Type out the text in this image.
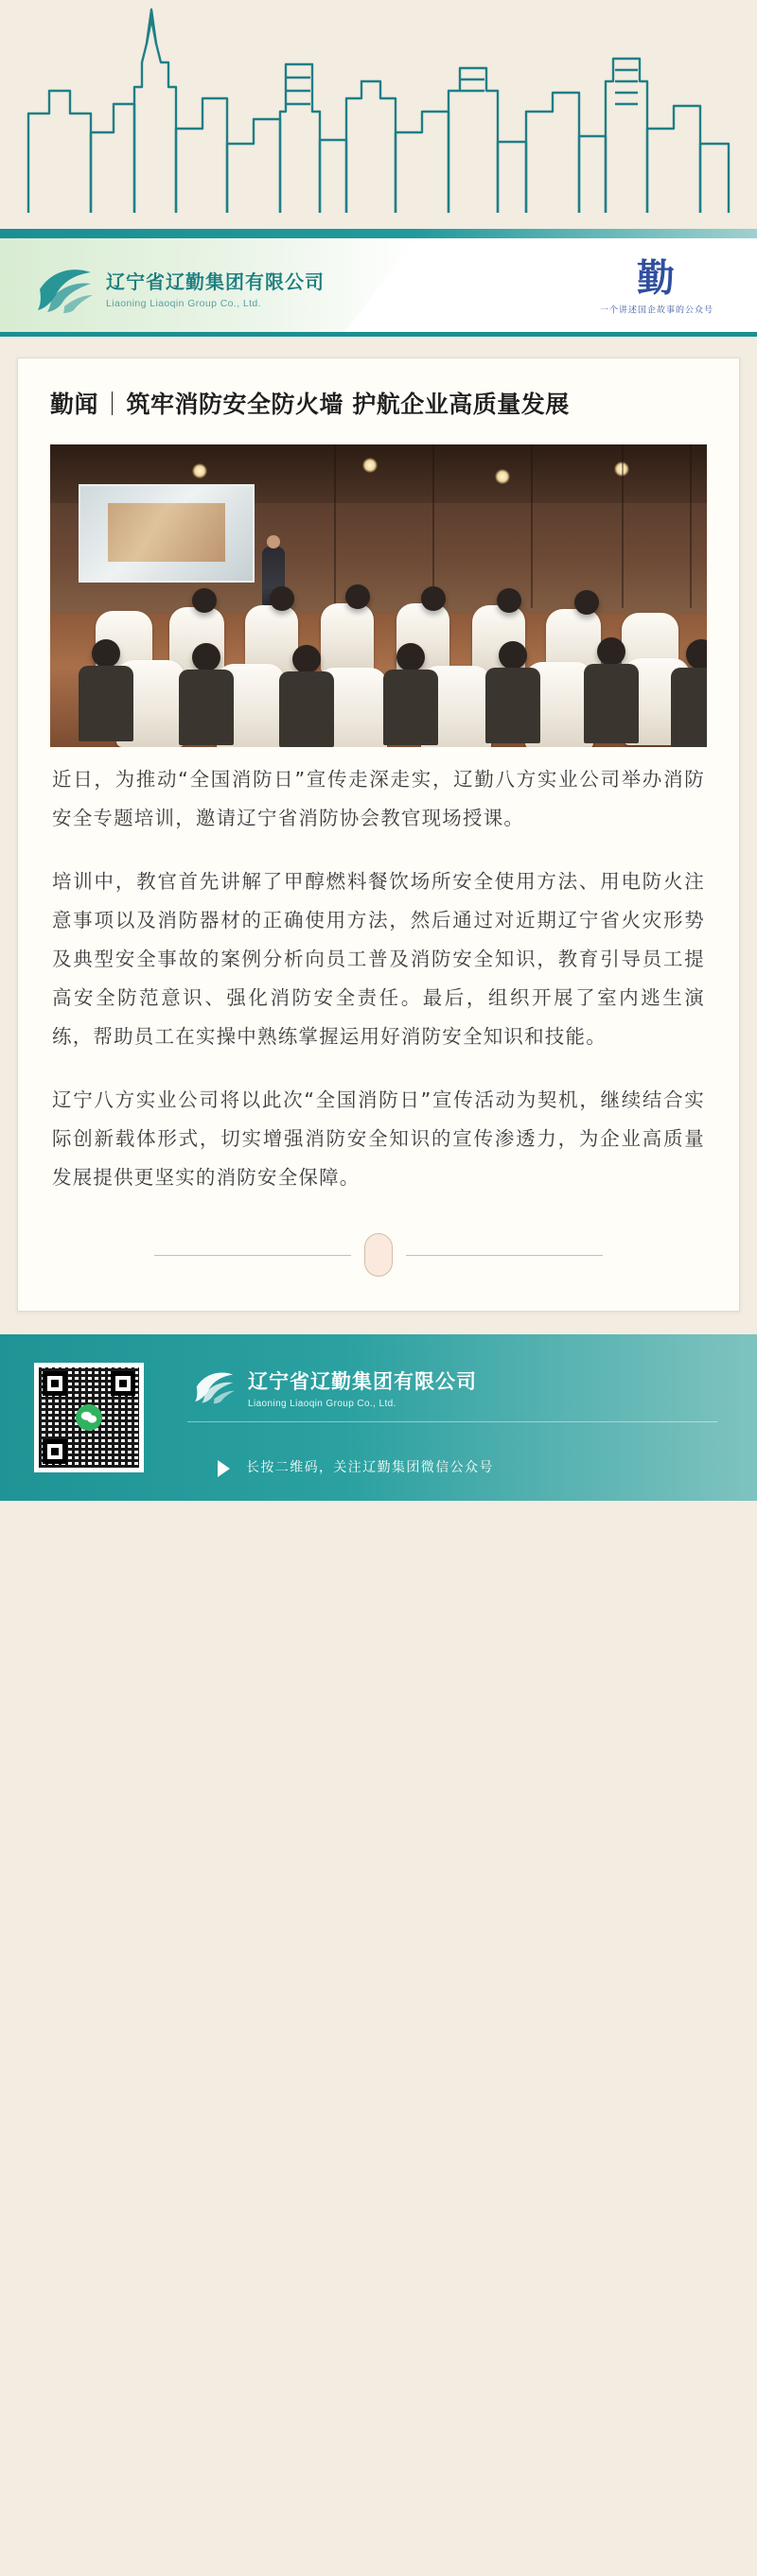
辽宁省辽勤集团有限公司
Liaoning Liaoqin Group Co., Ltd.
勤
一个讲述国企故事的公众号
勤闻｜筑牢消防安全防火墙 护航企业高质量发展

近日，为推动“全国消防日”宣传走深走实，辽勤八方实业公司举办消防安全专题培训，邀请辽宁省消防协会教官现场授课。

培训中，教官首先讲解了甲醇燃料餐饮场所安全使用方法、用电防火注意事项以及消防器材的正确使用方法，然后通过对近期辽宁省火灾形势及典型安全事故的案例分析向员工普及消防安全知识，教育引导员工提高安全防范意识、强化消防安全责任。最后，组织开展了室内逃生演练，帮助员工在实操中熟练掌握运用好消防安全知识和技能。

辽宁八方实业公司将以此次“全国消防日”宣传活动为契机，继续结合实际创新载体形式，切实增强消防安全知识的宣传渗透力，为企业高质量发展提供更坚实的消防安全保障。

辽宁省辽勤集团有限公司
Liaoning Liaoqin Group Co., Ltd.
长按二维码，关注辽勤集团微信公众号
